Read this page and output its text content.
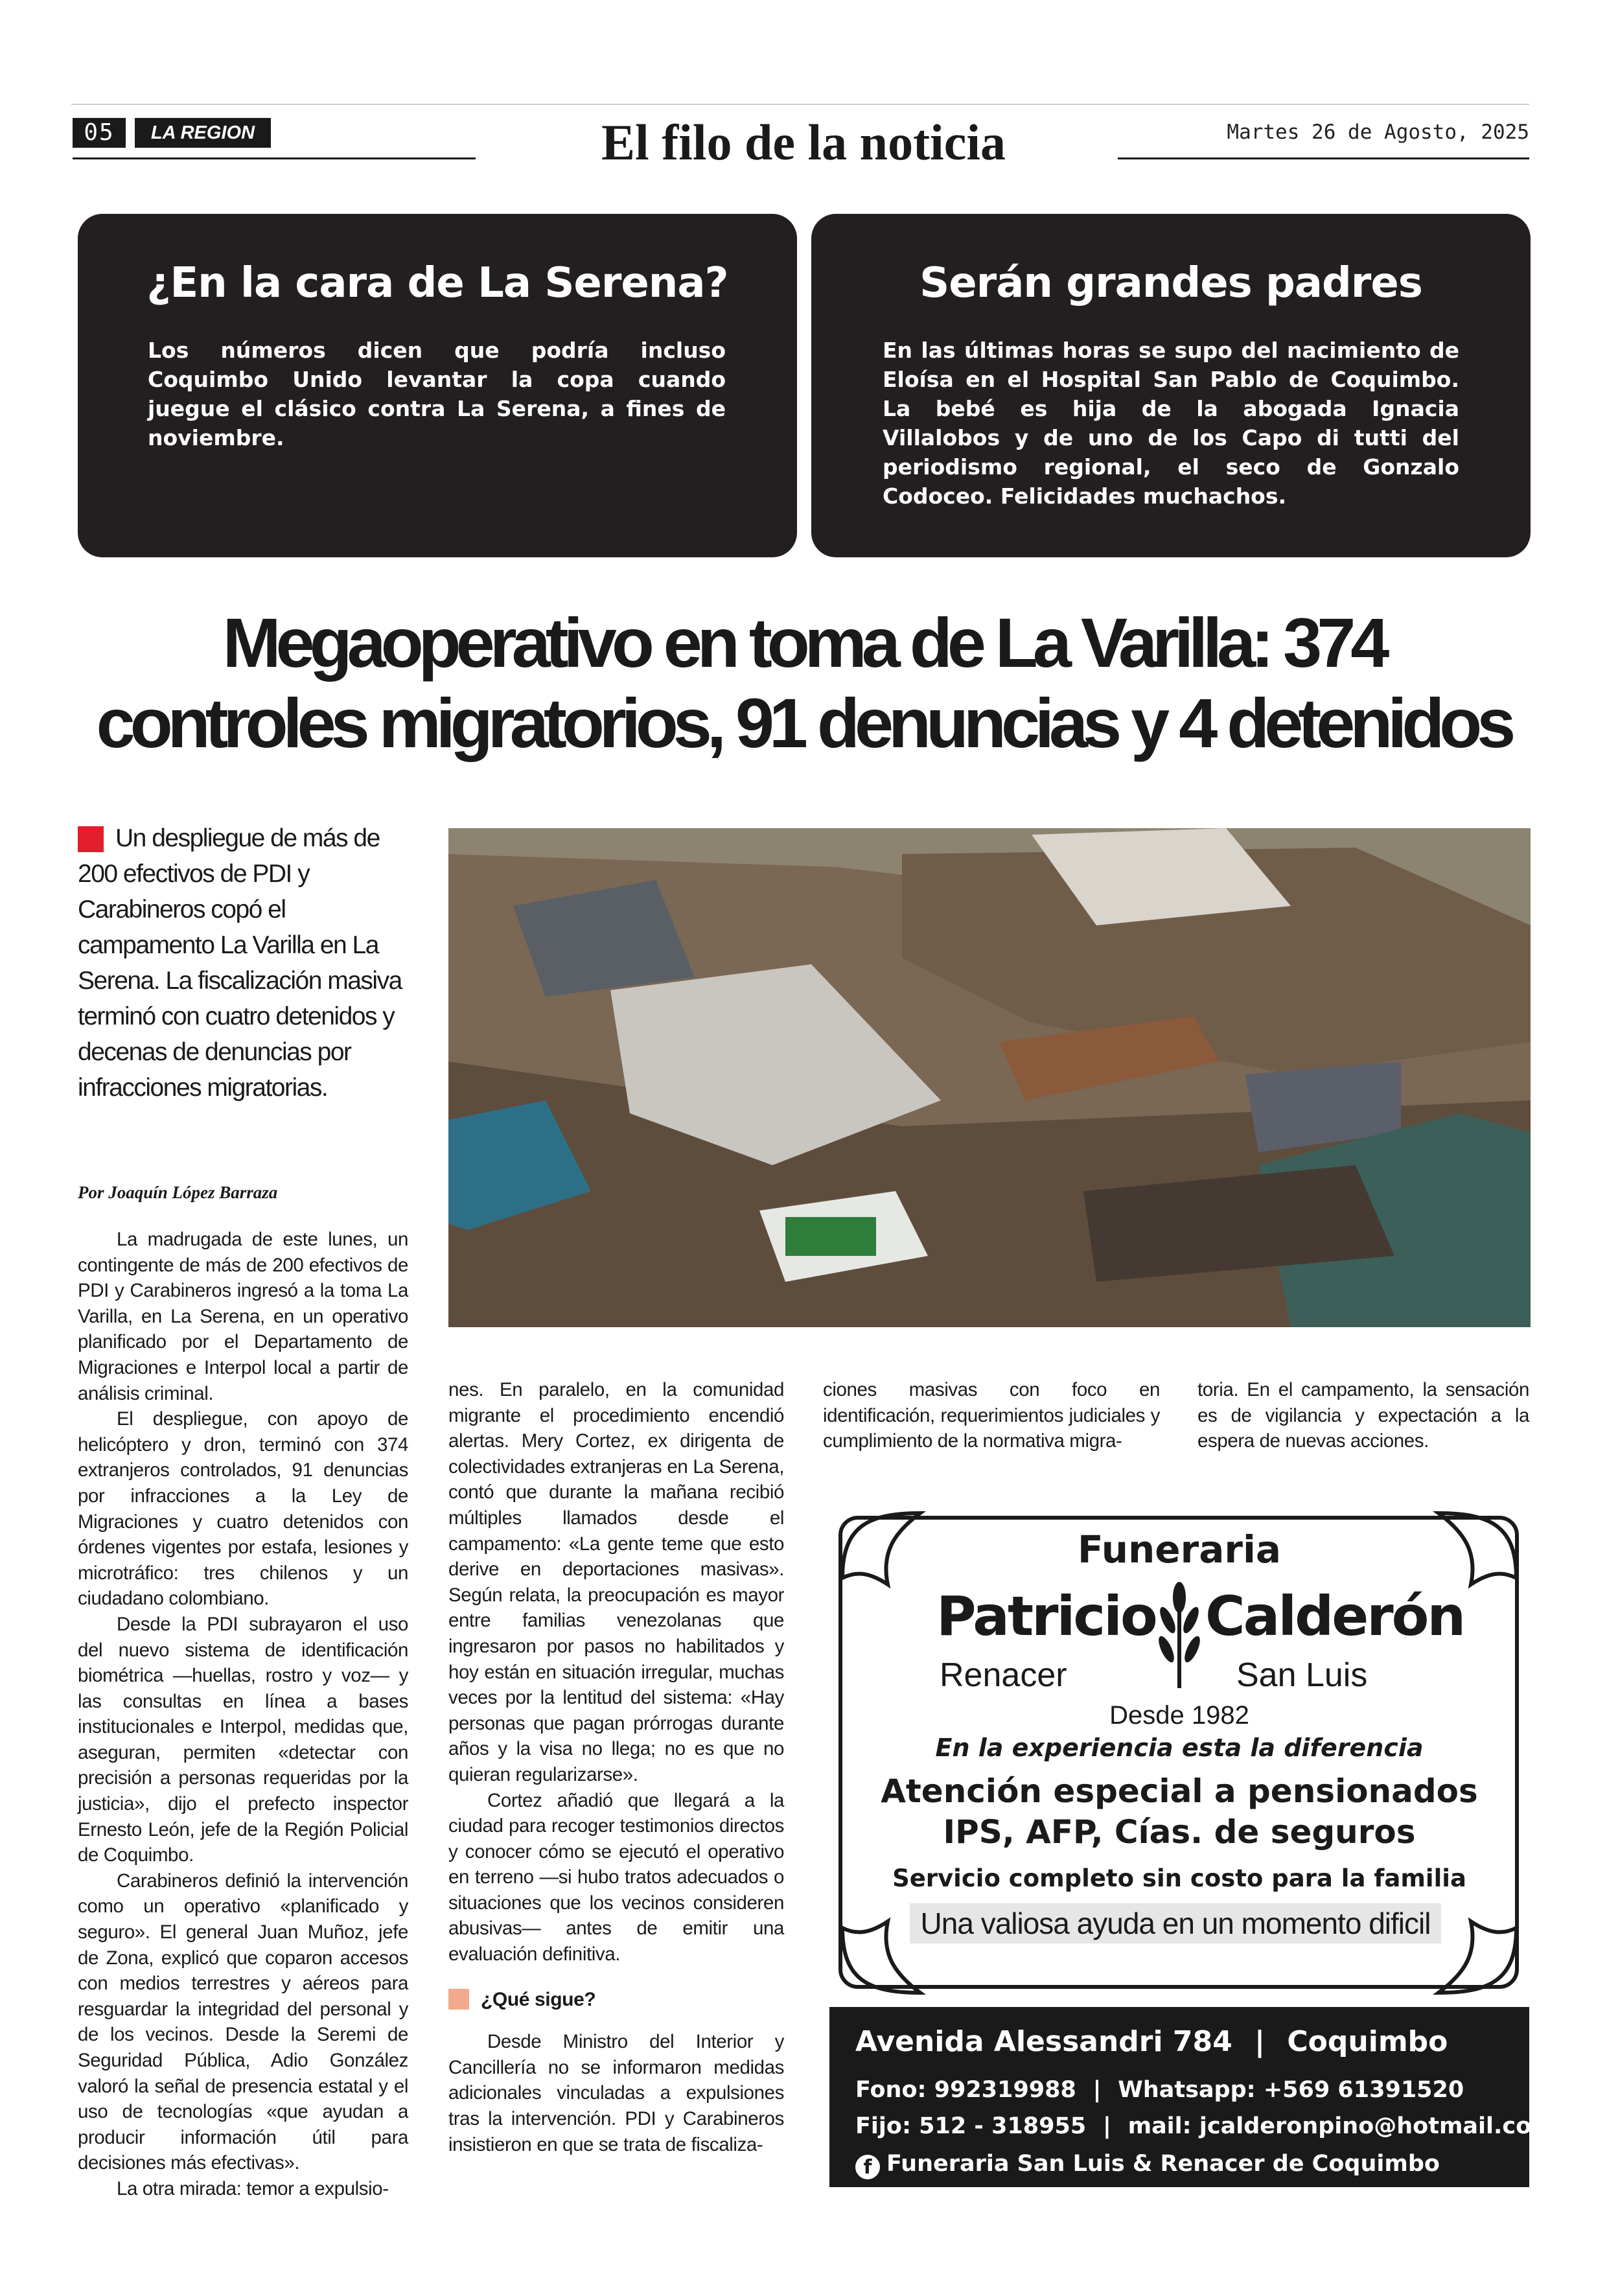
05	LA REGION	El filo de la noticia	Martes 26 de Agosto, 2025
¿En la cara de La Serena?
Los números dicen que podría incluso Coquimbo Unido levantar la copa cuando juegue el clásico contra La Serena, a fines de noviembre.
Serán grandes padres
En las últimas horas se supo del nacimiento de Eloísa en el Hospital San Pablo de Coquimbo. La bebé es hija de la abogada Ignacia Villalobos y de uno de los Capo di tutti del periodismo regional, el seco de Gonzalo Codoceo. Felicidades muchachos.
Megaoperativo en toma de La Varilla: 374
controles migratorios, 91 denuncias y 4 detenidos
Un despliegue de más de 200 efectivos de PDI y Carabineros copó el campamento La Varilla en La Serena. La fiscalización masiva terminó con cuatro detenidos y decenas de denuncias por infracciones migratorias.
Por Joaquín López Barraza

La madrugada de este lunes, un contingente de más de 200 efectivos de PDI y Carabineros ingresó a la toma La Varilla, en La Serena, en un operativo planificado por el Departamento de Migraciones e Interpol local a partir de análisis criminal.

El despliegue, con apoyo de helicóptero y dron, terminó con 374 extranjeros controlados, 91 denuncias por infracciones a la Ley de Migraciones y cuatro detenidos con órdenes vigentes por estafa, lesiones y microtráfico: tres chilenos y un ciudadano colombiano.

Desde la PDI subrayaron el uso del nuevo sistema de identificación biométrica —huellas, rostro y voz— y las consultas en línea a bases institucionales e Interpol, medidas que, aseguran, permiten «detectar con precisión a personas requeridas por la justicia», dijo el prefecto inspector Ernesto León, jefe de la Región Policial de Coquimbo.

Carabineros definió la intervención como un operativo «planificado y seguro». El general Juan Muñoz, jefe de Zona, explicó que coparon accesos con medios terrestres y aéreos para resguardar la integridad del personal y de los vecinos. Desde la Seremi de Seguridad Pública, Adio González valoró la señal de presencia estatal y el uso de tecnologías «que ayudan a producir información útil para decisiones más efectivas».

La otra mirada: temor a expulsio-

nes. En paralelo, en la comunidad migrante el procedimiento encendió alertas. Mery Cortez, ex dirigenta de colectividades extranjeras en La Serena, contó que durante la mañana recibió múltiples llamados desde el campamento: «La gente teme que esto derive en deportaciones masivas». Según relata, la preocupación es mayor entre familias venezolanas que ingresaron por pasos no habilitados y hoy están en situación irregular, muchas veces por la lentitud del sistema: «Hay personas que pagan prórrogas durante años y la visa no llega; no es que no quieran regularizarse».

Cortez añadió que llegará a la ciudad para recoger testimonios directos y conocer cómo se ejecutó el operativo en terreno —si hubo tratos adecuados o situaciones que los vecinos consideren abusivas— antes de emitir una evaluación definitiva.

¿Qué sigue?

Desde Ministro del Interior y Cancillería no se informaron medidas adicionales vinculadas a expulsiones tras la intervención. PDI y Carabineros insistieron en que se trata de fiscaliza-

ciones masivas con foco en identificación, requerimientos judiciales y cumplimiento de la normativa migra-

toria. En el campamento, la sensación es de vigilancia y expectación a la espera de nuevas acciones.

Funeraria
Patricio Calderón
Renacer	San Luis
Desde 1982
En la experiencia esta la diferencia
Atención especial a pensionados
IPS, AFP, Cías. de seguros
Servicio completo sin costo para la familia
Una valiosa ayuda en un momento dificil
Avenida Alessandri 784 | Coquimbo
Fono: 992319988 | Whatsapp: +569 61391520
Fijo: 512 - 318955 | mail: jcalderonpino@hotmail.com
f Funeraria San Luis & Renacer de Coquimbo
